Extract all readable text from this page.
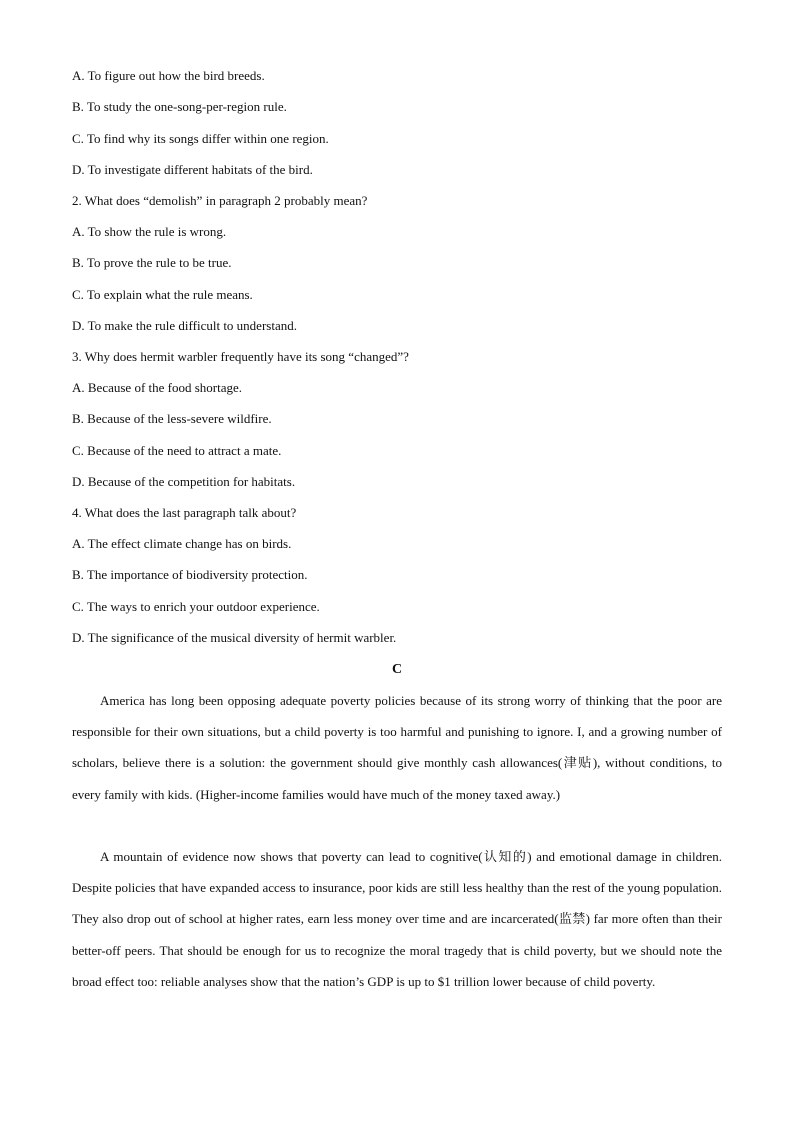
A. To figure out how the bird breeds.
B. To study the one-song-per-region rule.
C. To find why its songs differ within one region.
D. To investigate different habitats of the bird.
2. What does “demolish” in paragraph 2 probably mean?
A. To show the rule is wrong.
B. To prove the rule to be true.
C. To explain what the rule means.
D. To make the rule difficult to understand.
3. Why does hermit warbler frequently have its song “changed”?
A. Because of the food shortage.
B. Because of the less-severe wildfire.
C. Because of the need to attract a mate.
D. Because of the competition for habitats.
4. What does the last paragraph talk about?
A. The effect climate change has on birds.
B. The importance of biodiversity protection.
C. The ways to enrich your outdoor experience.
D. The significance of the musical diversity of hermit warbler.
C
America has long been opposing adequate poverty policies because of its strong worry of thinking that the poor are responsible for their own situations, but a child poverty is too harmful and punishing to ignore. I, and a growing number of scholars, believe there is a solution: the government should give monthly cash allowances(津贴), without conditions, to every family with kids. (Higher-income families would have much of the money taxed away.)
A mountain of evidence now shows that poverty can lead to cognitive(认知的) and emotional damage in children. Despite policies that have expanded access to insurance, poor kids are still less healthy than the rest of the young population. They also drop out of school at higher rates, earn less money over time and are incarcerated(监禁) far more often than their better-off peers. That should be enough for us to recognize the moral tragedy that is child poverty, but we should note the broad effect too: reliable analyses show that the nation’s GDP is up to $1 trillion lower because of child poverty.
